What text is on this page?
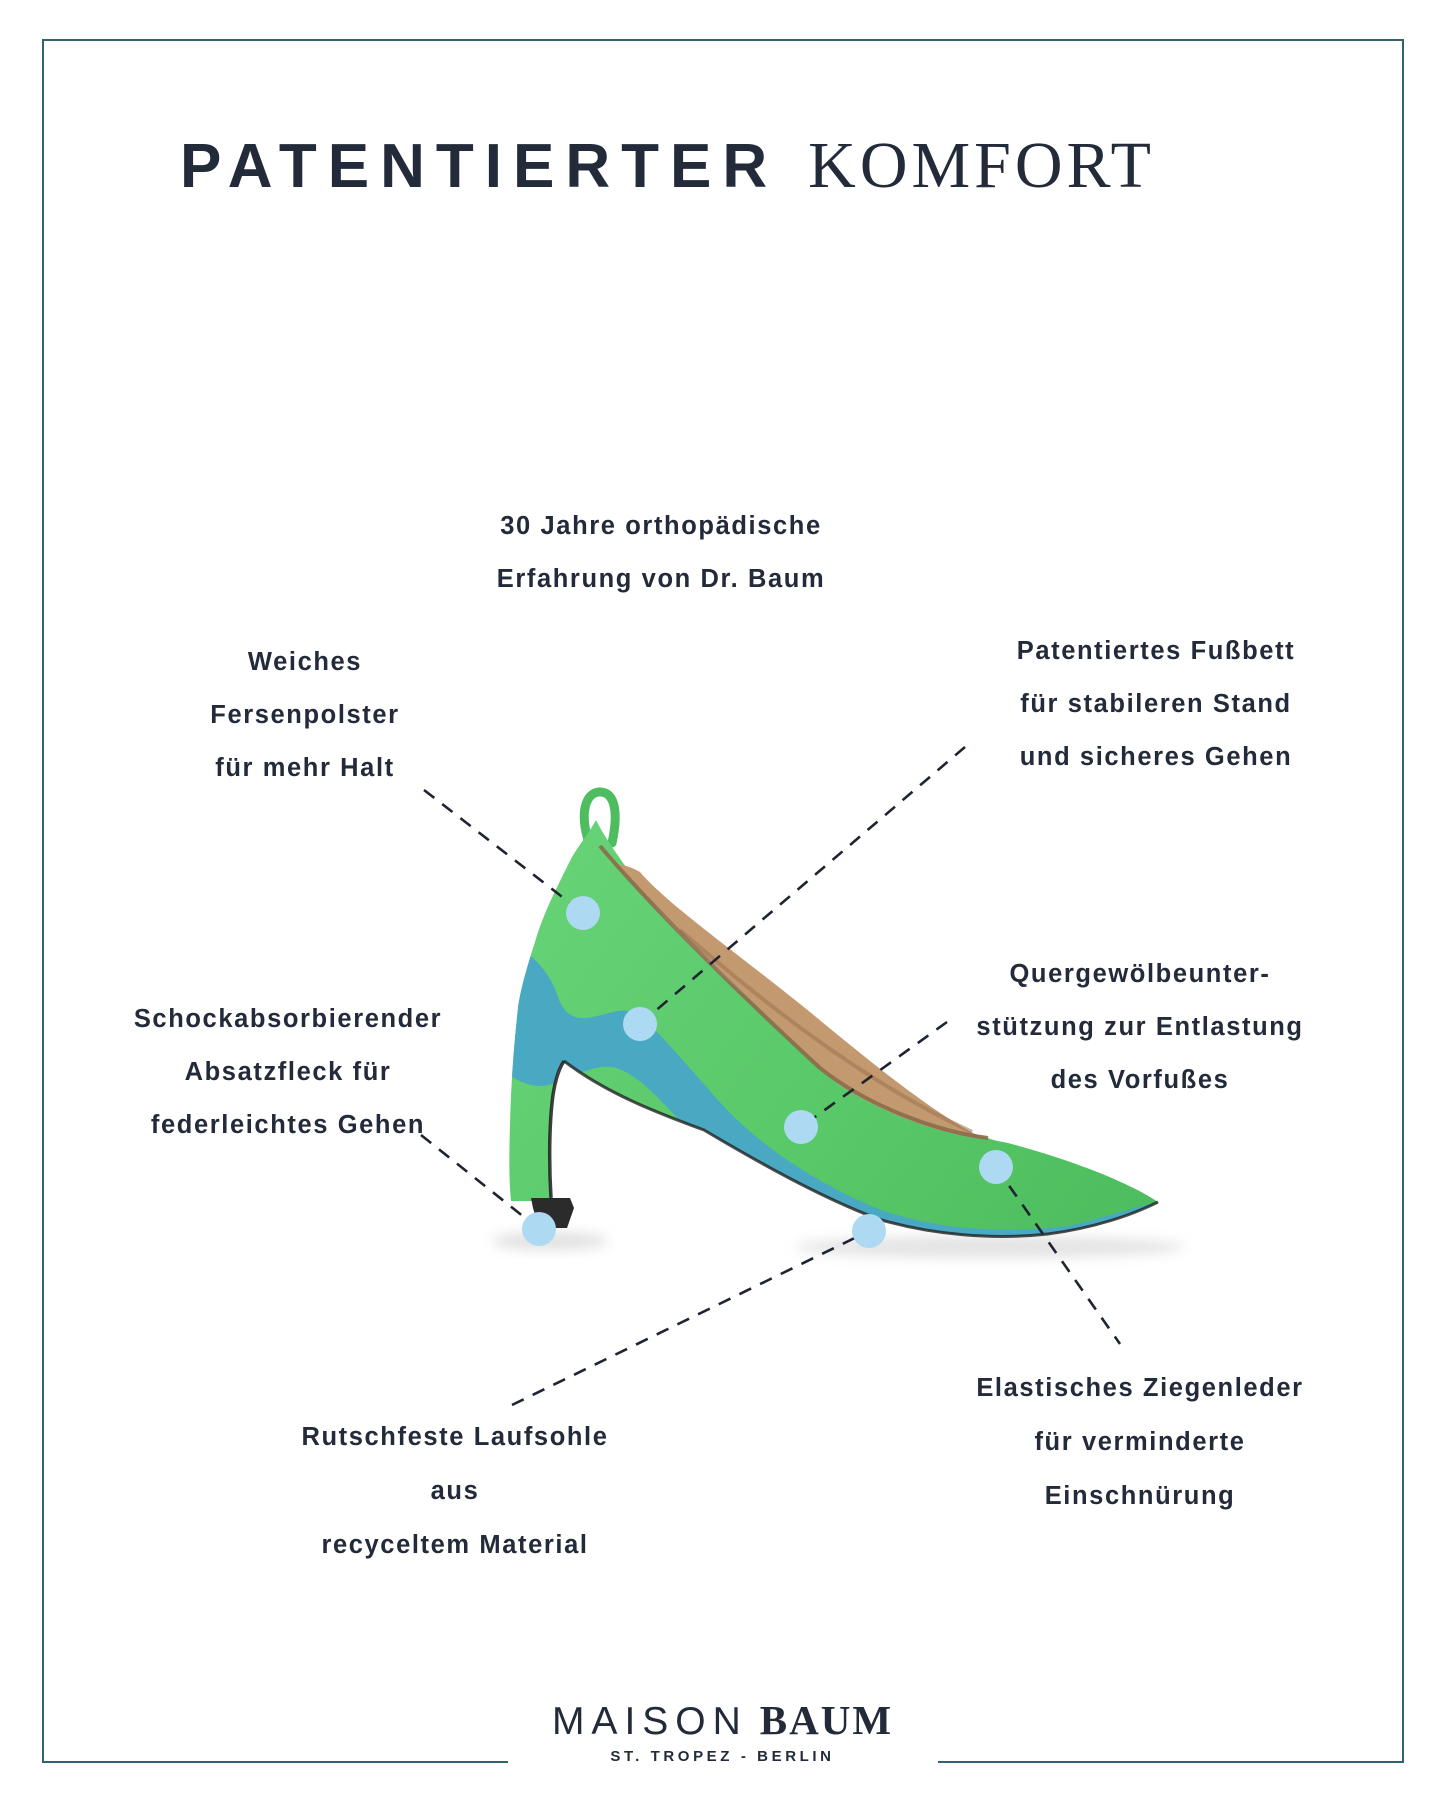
PATENTIERTER KOMFORT
30 Jahre orthopädische
Erfahrung von Dr. Baum
Weiches
Fersenpolster
für mehr Halt
Patentiertes Fußbett
für stabileren Stand
und sicheres Gehen
Quergewölbeunter-
stützung zur Entlastung
des Vorfußes
Schockabsorbierender
Absatzfleck für
federleichtes Gehen
Rutschfeste Laufsohle
aus
recyceltem Material
Elastisches Ziegenleder
für verminderte
Einschnürung
MAISON BAUM
ST. TROPEZ - BERLIN
